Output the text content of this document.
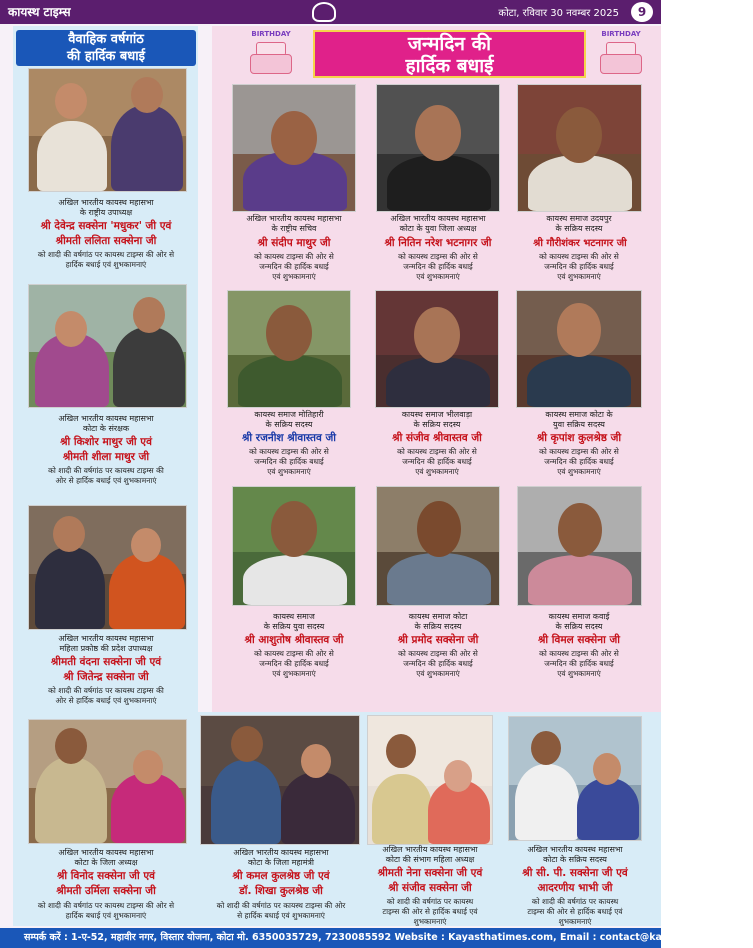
कायस्थ टाइम्स	कोटा, रविवार 30 नवम्बर 2025	9
वैवाहिक वर्षगांठ
की हार्दिक बधाई
जन्मदिन की
हार्दिक बधाई
BIRTHDAY	BIRTHDAY
अखिल भारतीय कायस्थ महासभा
के राष्ट्रीय उपाध्यक्ष
श्री देवेन्द्र सक्सेना 'मधुकर' जी एवं
श्रीमती ललिता सक्सेना जी
को शादी की वर्षगांठ पर कायस्थ टाइम्स की ओर से
हार्दिक बधाई एवं शुभकामनाएं
अखिल भारतीय कायस्थ महासभा
कोटा के संरक्षक
श्री किशोर माथुर जी एवं
श्रीमती शीला माथुर जी
को शादी की वर्षगांठ पर कायस्थ टाइम्स की
ओर से हार्दिक बधाई एवं शुभकामनाएं
अखिल भारतीय कायस्थ महासभा
महिला प्रकोष्ठ की प्रदेश उपाध्यक्ष
श्रीमती वंदना सक्सेना जी एवं
श्री जितेन्द्र सक्सेना जी
को शादी की वर्षगांठ पर कायस्थ टाइम्स की
ओर से हार्दिक बधाई एवं शुभकामनाएं
अखिल भारतीय कायस्थ महासभा
के राष्ट्रीय सचिव
श्री संदीप माथुर जी
को कायस्थ टाइम्स की ओर से
जन्मदिन की हार्दिक बधाई
एवं शुभकामनाएं
अखिल भारतीय कायस्थ महासभा
कोटा के युवा जिला अध्यक्ष
श्री नितिन नरेश भटनागर जी
को कायस्थ टाइम्स की ओर से
जन्मदिन की हार्दिक बधाई
एवं शुभकामनाएं
कायस्थ समाज उदयपुर
के सक्रिय सदस्य
श्री गौरीशंकर भटनागर जी
को कायस्थ टाइम्स की ओर से
जन्मदिन की हार्दिक बधाई
एवं शुभकामनाएं
कायस्थ समाज मोतिहारी
के सक्रिय सदस्य
श्री रजनीश श्रीवास्तव जी
को कायस्थ टाइम्स की ओर से
जन्मदिन की हार्दिक बधाई
एवं शुभकामनाएं
कायस्थ समाज भीलवाड़ा
के सक्रिय सदस्य
श्री संजीव श्रीवास्तव जी
को कायस्थ टाइम्स की ओर से
जन्मदिन की हार्दिक बधाई
एवं शुभकामनाएं
कायस्थ समाज कोटा के
युवा सक्रिय सदस्य
श्री कृपांश कुलश्रेष्ठ जी
को कायस्थ टाइम्स की ओर से
जन्मदिन की हार्दिक बधाई
एवं शुभकामनाएं
कायस्थ समाज
के सक्रिय युवा सदस्य
श्री आशुतोष श्रीवास्तव जी
को कायस्थ टाइम्स की ओर से
जन्मदिन की हार्दिक बधाई
एवं शुभकामनाएं
कायस्थ समाज कोटा
के सक्रिय सदस्य
श्री प्रमोद सक्सेना जी
को कायस्थ टाइम्स की ओर से
जन्मदिन की हार्दिक बधाई
एवं शुभकामनाएं
कायस्थ समाज कवाई
के सक्रिय सदस्य
श्री विमल सक्सेना जी
को कायस्थ टाइम्स की ओर से
जन्मदिन की हार्दिक बधाई
एवं शुभकामनाएं
अखिल भारतीय कायस्थ महासभा
कोटा के जिला अध्यक्ष
श्री विनोद सक्सेना जी एवं
श्रीमती उर्मिला सक्सेना जी
को शादी की वर्षगांठ पर कायस्थ टाइम्स की ओर से
हार्दिक बधाई एवं शुभकामनाएं
अखिल भारतीय कायस्थ महासभा
कोटा के जिला महामंत्री
श्री कमल कुलश्रेष्ठ जी एवं
डॉ. शिखा कुलश्रेष्ठ जी
को शादी की वर्षगांठ पर कायस्थ टाइम्स की ओर
से हार्दिक बधाई एवं शुभकामनाएं
अखिल भारतीय कायस्थ महासभा
कोटा की संभाग महिला अध्यक्ष
श्रीमती नेना सक्सेना जी एवं
श्री संजीव सक्सेना जी
को शादी की वर्षगांठ पर कायस्थ
टाइम्स की ओर से हार्दिक बधाई एवं
शुभकामनाएं
अखिल भारतीय कायस्थ महासभा
कोटा के सक्रिय सदस्य
श्री सी. पी. सक्सेना जी एवं
आदरणीय भाभी जी
को शादी की वर्षगांठ पर कायस्थ
टाइम्स की ओर से हार्दिक बधाई एवं
शुभकामनाएं
सम्पर्क करें : 1-ए-52, महावीर नगर, विस्तार योजना, कोटा मो. 6350035729, 7230085592 Website : Kayasthatimes.com, Email : contact@kayasthatimes.com
